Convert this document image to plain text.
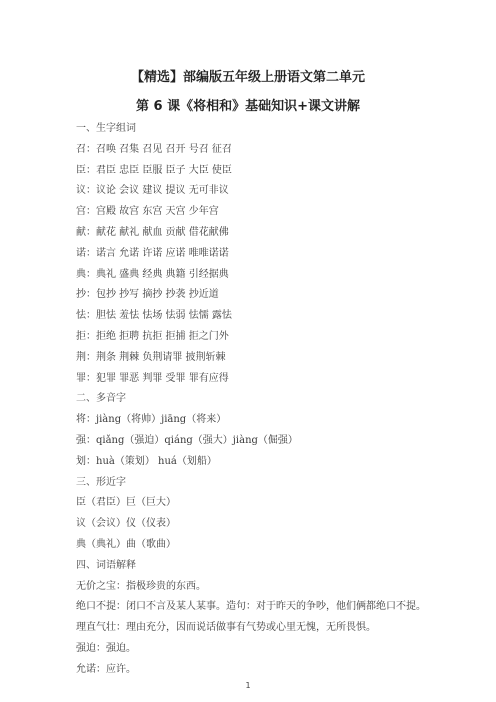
【精选】部编版五年级上册语文第二单元
第 6 课《将相和》基础知识+课文讲解
一、生字组词
召：召唤 召集 召见 召开 号召 征召
臣：君臣 忠臣 臣服 臣子 大臣 使臣
议：议论 会议 建议 提议 无可非议
宫：宫殿 故宫 东宫 天宫 少年宫
献：献花 献礼 献血 贡献 借花献佛
诺：诺言 允诺 许诺 应诺 唯唯诺诺
典：典礼 盛典 经典 典籍 引经据典
抄：包抄 抄写 摘抄 抄袭 抄近道
怯：胆怯 羞怯 怯场 怯弱 怯懦 露怯
拒：拒绝 拒聘 抗拒 拒捕 拒之门外
荆：荆条 荆棘 负荆请罪 披荆斩棘
罪：犯罪 罪恶 判罪 受罪 罪有应得
二、多音字
将：jiàng（将帅）jiāng（将来）
强：qiǎng（强迫）qiáng（强大）jiàng（倔强）
划：huà（策划） huá（划船）
三、形近字
臣（君臣）巨（巨大）
议（会议）仪（仪表）
典（典礼）曲（歌曲）
四、词语解释
无价之宝：指极珍贵的东西。
绝口不提：闭口不言及某人某事。造句：对于昨天的争吵，他们俩都绝口不提。
理直气壮：理由充分，因而说话做事有气势或心里无愧，无所畏惧。
强迫：强迫。
允诺：应许。
1
